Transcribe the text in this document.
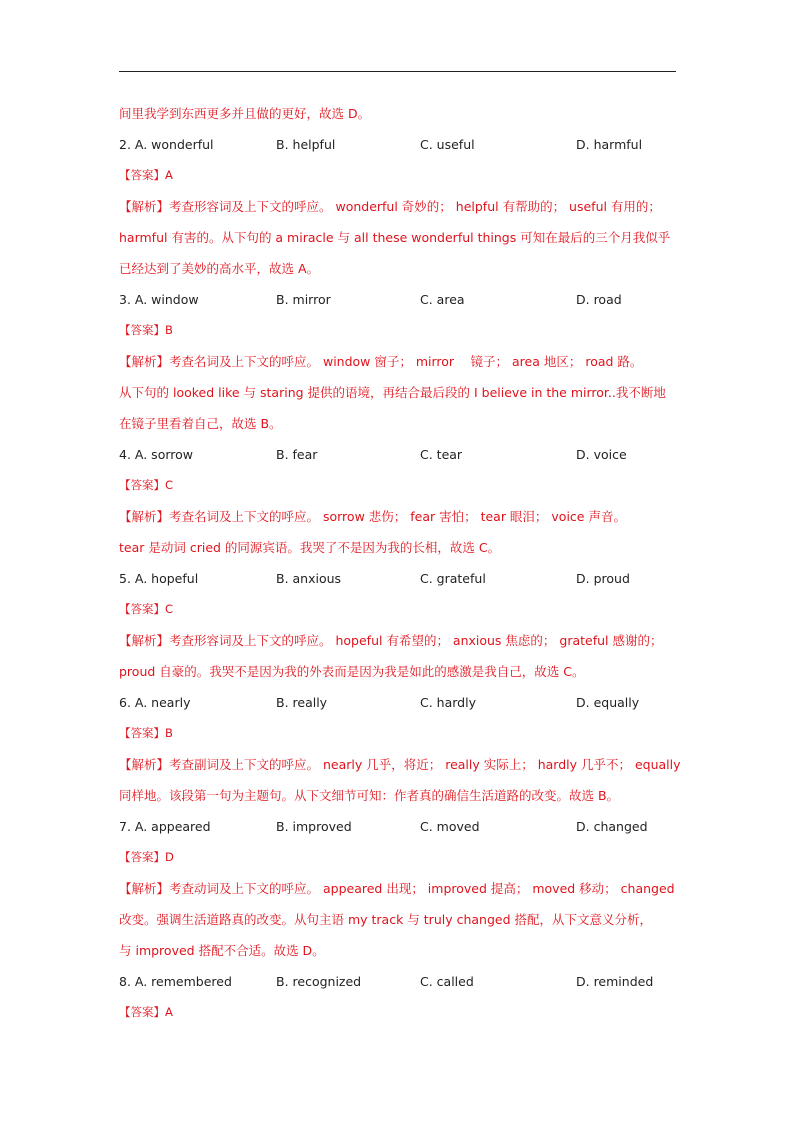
间里我学到东西更多并且做的更好，故选 D。
2. A. wonderful	B. helpful	C. useful	D. harmful
【答案】A
【解析】考查形容词及上下文的呼应。 wonderful 奇妙的； helpful 有帮助的； useful 有用的；
harmful 有害的。从下句的 a miracle 与 all these wonderful things 可知在最后的三个月我似乎
已经达到了美妙的高水平，故选 A。
3. A. window	B. mirror	C. area	D. road
【答案】B
【解析】考查名词及上下文的呼应。 window 窗子； mirror 　镜子； area 地区； road 路。
从下句的 looked like 与 staring 提供的语境，再结合最后段的 I believe in the mirror..我不断地
在镜子里看着自己，故选 B。
4. A. sorrow	B. fear	C. tear	D. voice
【答案】C
【解析】考查名词及上下文的呼应。 sorrow 悲伤； fear 害怕； tear 眼泪； voice 声音。
tear 是动词 cried 的同源宾语。我哭了不是因为我的长相，故选 C。
5. A. hopeful	B. anxious	C. grateful	D. proud
【答案】C
【解析】考查形容词及上下文的呼应。 hopeful 有希望的； anxious 焦虑的； grateful 感谢的；
proud 自豪的。我哭不是因为我的外表而是因为我是如此的感激是我自己，故选 C。
6. A. nearly	B. really	C. hardly	D. equally
【答案】B
【解析】考查副词及上下文的呼应。 nearly 几乎，将近； really 实际上； hardly 几乎不； equally
同样地。该段第一句为主题句。从下文细节可知：作者真的确信生活道路的改变。故选 B。
7. A. appeared	B. improved	C. moved	D. changed
【答案】D
【解析】考查动词及上下文的呼应。 appeared 出现； improved 提高； moved 移动； changed
改变。强调生活道路真的改变。从句主语 my track 与 truly changed 搭配，从下文意义分析，
与 improved 搭配不合适。故选 D。
8. A. remembered	B. recognized	C. called	D. reminded
【答案】A
